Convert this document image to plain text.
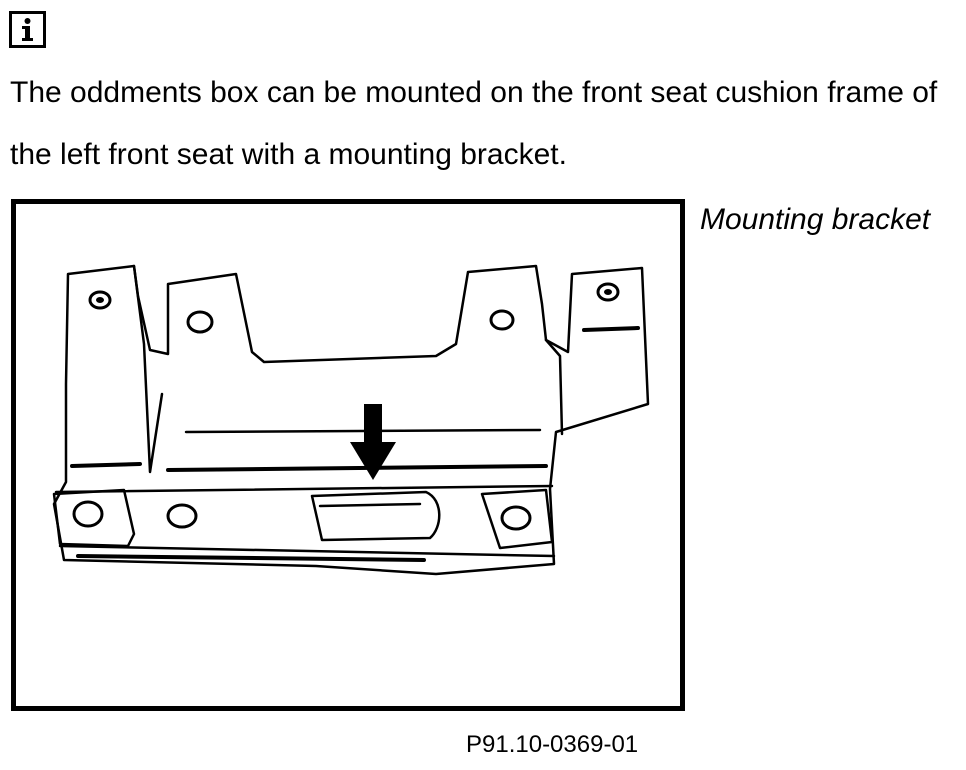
The oddments box can be mounted on the front seat cushion frame of the left front seat with a mounting bracket.

Mounting bracket
P91.10-0369-01
